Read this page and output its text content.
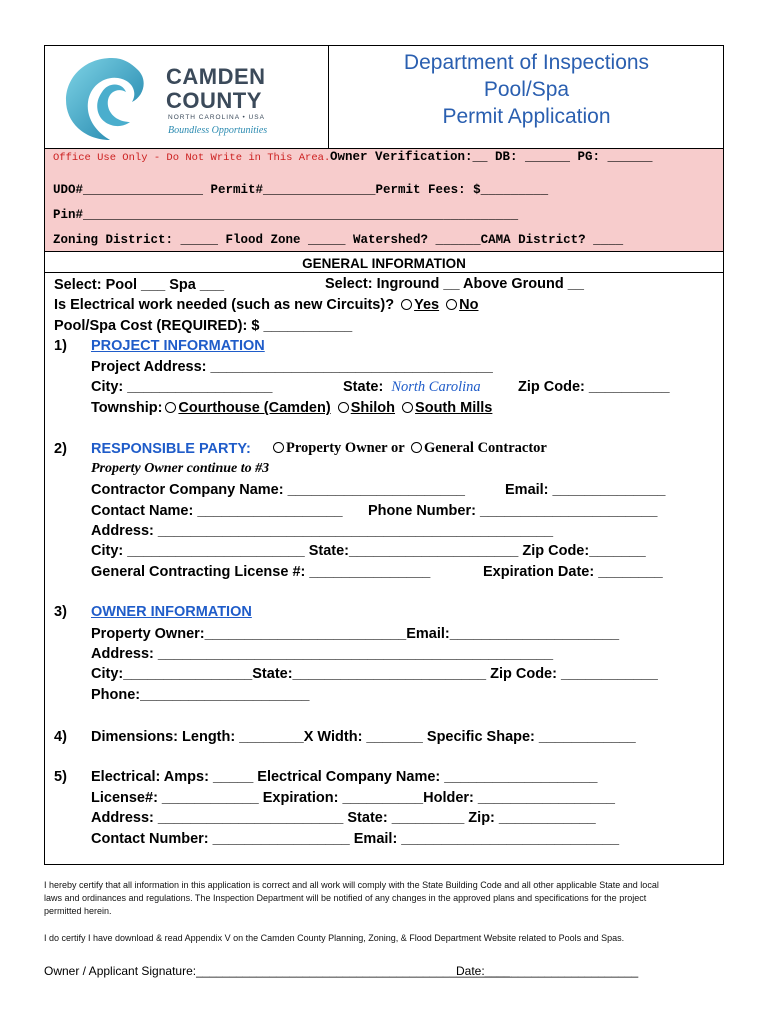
CAMDEN
COUNTY
NORTH CAROLINA • USA
Boundless Opportunities
Department of Inspections
Pool/Spa
Permit Application
Office Use Only - Do Not Write in This Area. Owner Verification:__ DB: ______ PG: ______
UDO#________________ Permit#_______________Permit Fees: $_________
Pin#__________________________________________________________
Zoning District: _____ Flood Zone _____ Watershed? ______CAMA District? ____
GENERAL INFORMATION
Select: Pool ___ Spa ___	Select: Inground __ Above Ground __
Is Electrical work needed (such as new Circuits)? Yes No
Pool/Spa Cost (REQUIRED): $ ___________
1) PROJECT INFORMATION
Project Address: ___________________________________
City: __________________	State: North Carolina	Zip Code: __________
Township: Courthouse (Camden) Shiloh South Mills
2) RESPONSIBLE PARTY:	Property Owner or General Contractor
Property Owner continue to #3
Contractor Company Name: ______________________	Email: ______________
Contact Name: __________________ Phone Number: ______________________
Address: _________________________________________________
City: ______________________ State:_____________________ Zip Code:_______
General Contracting License #: _______________	Expiration Date: ________
3) OWNER INFORMATION
Property Owner:_________________________Email:_____________________
Address: _________________________________________________
City:________________State:________________________ Zip Code: ____________
Phone:_____________________
4) Dimensions: Length: ________X Width: _______ Specific Shape: ____________
5) Electrical: Amps: _____ Electrical Company Name: ___________________
License#: ____________ Expiration: __________Holder: _________________
Address: _______________________ State: _________ Zip: ____________
Contact Number: _________________ Email: ___________________________
I hereby certify that all information in this application is correct and all work will comply with the State Building Code and all other applicable State and local
laws and ordinances and regulations. The Inspection Department will be notified of any changes in the approved plans and specifications for the project
permitted herein.
I do certify I have download & read Appendix V on the Camden County Planning, Zoning, & Flood Department Website related to Pools and Spas.
Owner / Applicant Signature:_______________________________________________
Date:_______________________
